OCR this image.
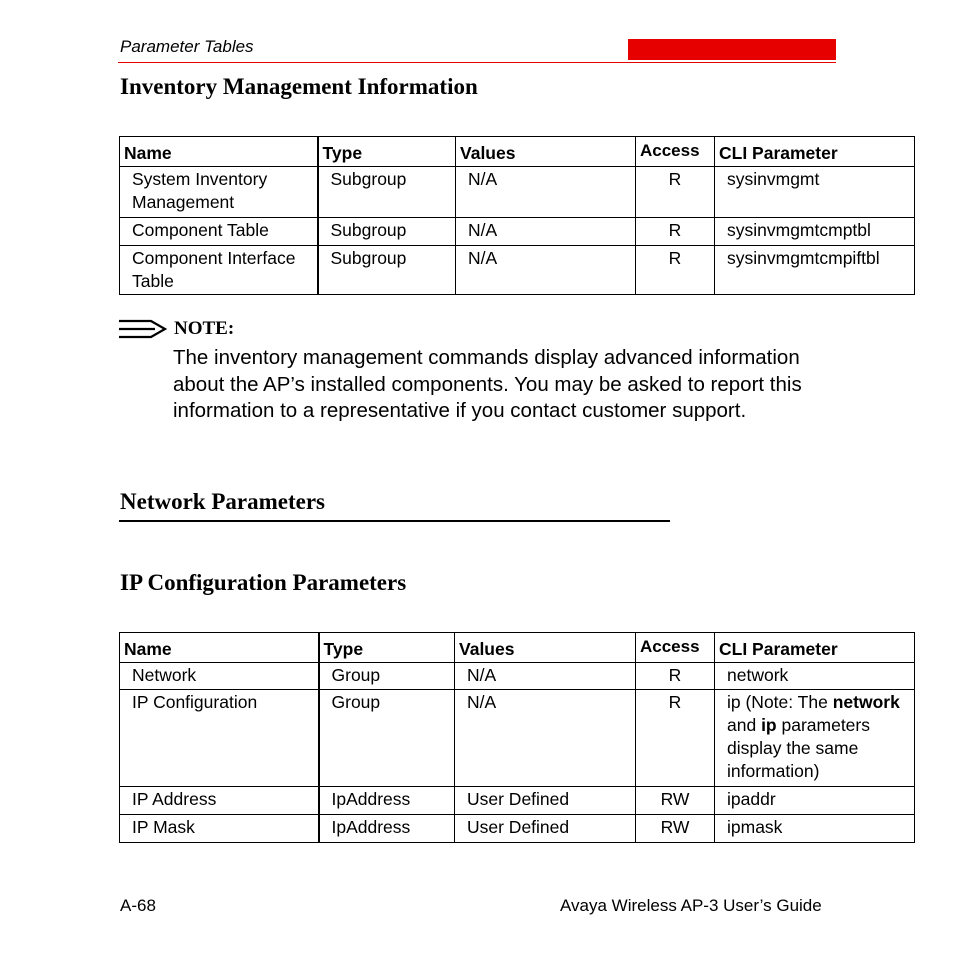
Parameter Tables
Inventory Management Information
Name	Type	Values	Access	CLI Parameter
System Inventory Management	Subgroup	N/A	R	sysinvmgmt
Component Table	Subgroup	N/A	R	sysinvmgmtcmptbl
Component Interface Table	Subgroup	N/A	R	sysinvmgmtcmpiftbl
NOTE:
The inventory management commands display advanced information about the AP’s installed components. You may be asked to report this information to a representative if you contact customer support.
Network Parameters
IP Configuration Parameters
Name	Type	Values	Access	CLI Parameter
Network	Group	N/A	R	network
IP Configuration	Group	N/A	R	ip (Note: The network and ip parameters display the same information)
IP Address	IpAddress	User Defined	RW	ipaddr
IP Mask	IpAddress	User Defined	RW	ipmask
A-68	Avaya Wireless AP-3 User’s Guide
